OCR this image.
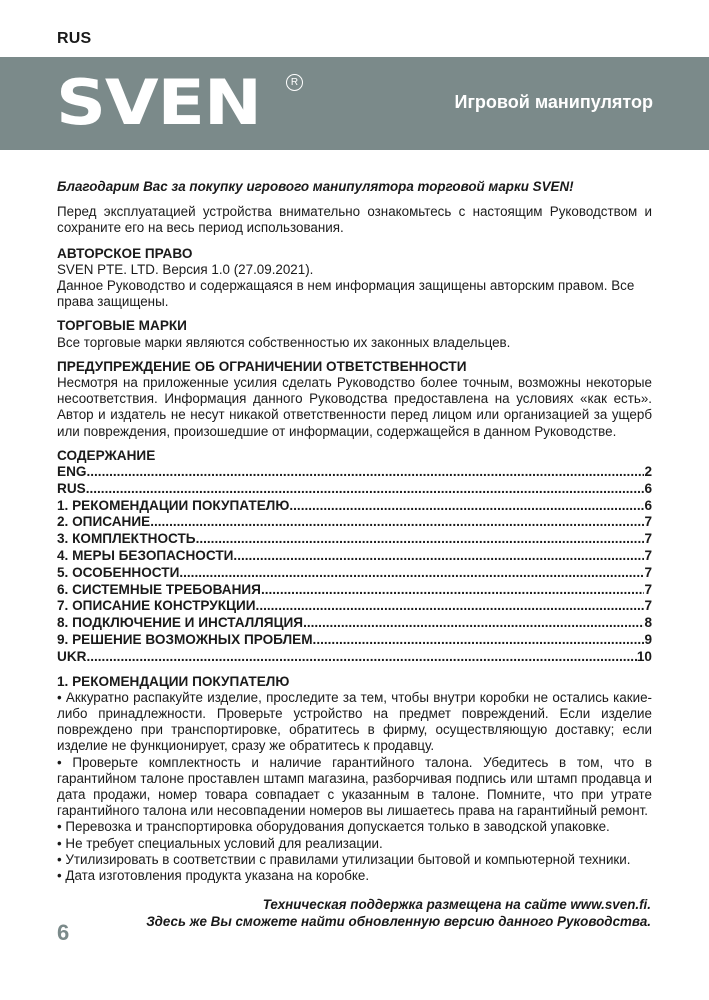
RUS
SVEN	R
Игровой манипулятор

Благодарим Вас за покупку игрового манипулятора торговой марки SVEN!

Перед эксплуатацией устройства внимательно ознакомьтесь с настоящим Руководством и сохраните его на весь период использования.

АВТОРСКОЕ ПРАВО

SVEN PTE. LTD. Версия 1.0 (27.09.2021).

Данное Руководство и содержащаяся в нем информация защищены авторским правом. Все права защищены.

ТОРГОВЫЕ МАРКИ

Все торговые марки являются собственностью их законных владельцев.

ПРЕДУПРЕЖДЕНИЕ ОБ ОГРАНИЧЕНИИ ОТВЕТСТВЕННОСТИ

Несмотря на приложенные усилия сделать Руководство более точным, возможны некоторые несоответствия. Информация данного Руководства предоставлена на условиях «как есть». Автор и издатель не несут никакой ответственности перед лицом или организацией за ущерб или повреждения, произошедшие от информации, содержащейся в данном Руководстве.

СОДЕРЖАНИЕ
ENG .....	2
RUS .....	6
1. РЕКОМЕНДАЦИИ ПОКУПАТЕЛЮ .....	6
2. ОПИСАНИЕ .....	7
3. КОМПЛЕКТНОСТЬ .....	7
4. МЕРЫ БЕЗОПАСНОСТИ .....	7
5. ОСОБЕННОСТИ .....	7
6. СИСТЕМНЫЕ ТРЕБОВАНИЯ .....	7
7. ОПИСАНИЕ КОНСТРУКЦИИ .....	7
8. ПОДКЛЮЧЕНИЕ И ИНСТАЛЛЯЦИЯ .....	8
9. РЕШЕНИЕ ВОЗМОЖНЫХ ПРОБЛЕМ .....	9
UKR .....	10
1. РЕКОМЕНДАЦИИ ПОКУПАТЕЛЮ

• Аккуратно распакуйте изделие, проследите за тем, чтобы внутри коробки не остались какие-либо принадлежности. Проверьте устройство на предмет повреждений. Если изделие повреждено при транспортировке, обратитесь в фирму, осуществляющую доставку; если изделие не функционирует, сразу же обратитесь к продавцу.

• Проверьте комплектность и наличие гарантийного талона. Убедитесь в том, что в гарантийном талоне проставлен штамп магазина, разборчивая подпись или штамп продавца и дата продажи, номер товара совпадает с указанным в талоне. Помните, что при утрате гарантийного талона или несовпадении номеров вы лишаетесь права на гарантийный ремонт.

• Перевозка и транспортировка оборудования допускается только в заводской упаковке.

• Не требует специальных условий для реализации.

• Утилизировать в соответствии с правилами утилизации бытовой и компьютерной техники.

• Дата изготовления продукта указана на коробке.

Техническая поддержка размещена на сайте www.sven.fi.
Здесь же Вы сможете найти обновленную версию данного Руководства.
6
